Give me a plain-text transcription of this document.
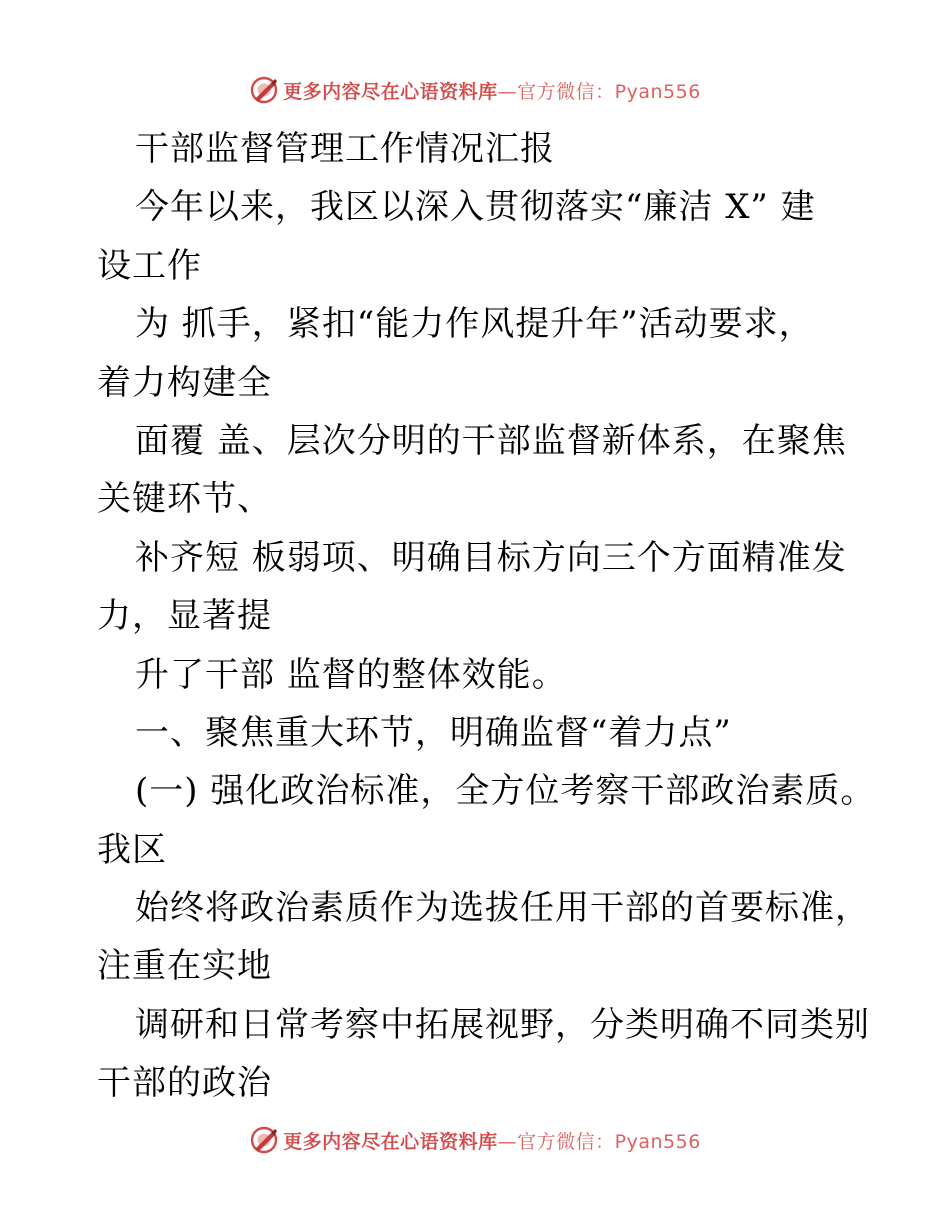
更多内容尽在心语资料库—官方微信：Pyan556
干部监督管理工作情况汇报
今年以来，我区以深入贯彻落实“廉洁 X” 建
设工作
为 抓手，紧扣“能力作风提升年”活动要求，
着力构建全
面覆 盖、层次分明的干部监督新体系，在聚焦
关键环节、
补齐短 板弱项、明确目标方向三个方面精准发
力，显著提
升了干部 监督的整体效能。
一、聚焦重大环节，明确监督“着力点”
(一) 强化政治标准，全方位考察干部政治素质。
我区
始终将政治素质作为选拔任用干部的首要标准，
注重在实地
调研和日常考察中拓展视野，分类明确不同类别
干部的政治
更多内容尽在心语资料库—官方微信：Pyan556
